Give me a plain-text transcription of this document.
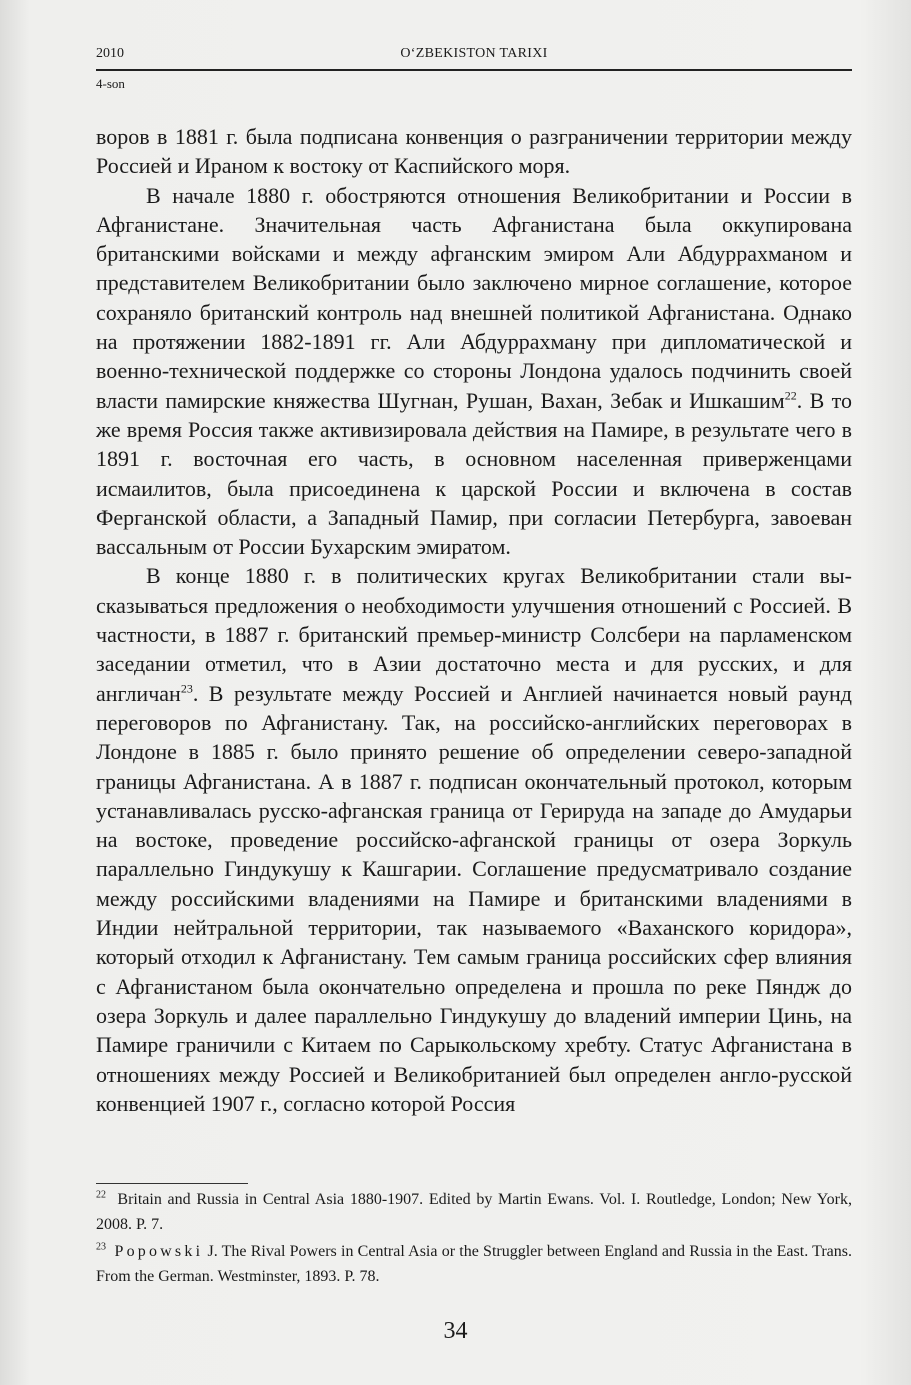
2010	O‘ZBEKISTON TARIXI
4-son

воров в 1881 г. была подписана конвенция о разграничении территории между Россией и Ираном к востоку от Каспийского моря.

В начале 1880 г. обостряются отношения Великобритании и России в Афганистане. Значительная часть Афганистана была оккупирована британскими войсками и между афганским эмиром Али Абдуррахманом и представителем Великобритании было заключено мирное соглашение, которое сохраняло британский контроль над внешней политикой Афганистана. Однако на протяжении 1882-1891 гг. Али Абдуррахману при дипломатической и военно-технической поддержке со стороны Лондона удалось подчинить своей власти памирские княжества Шугнан, Рушан, Вахан, Зебак и Ишкашим$^{22}$. В то же время Россия также активизировала действия на Памире, в результате чего в 1891 г. восточная его часть, в основном населенная приверженцами исмаилитов, была присоединена к царской России и включена в состав Ферганской области, а Западный Памир, при согласии Петербурга, завоеван вассальным от России Бухарским эмиратом.

В конце 1880 г. в политических кругах Великобритании стали высказываться предложения о необходимости улучшения отношений с Россией. В частности, в 1887 г. британский премьер-министр Солсбери на парламенском заседании отметил, что в Азии достаточно места и для русских, и для англичан$^{23}$. В результате между Россией и Англией начинается новый раунд переговоров по Афганистану. Так, на российско-английских переговорах в Лондоне в 1885 г. было принято решение об определении северо-западной границы Афганистана. А в 1887 г. подписан окончательный протокол, которым устанавливалась русско-афганская граница от Герируда на западе до Амударьи на востоке, проведение российско-афганской границы от озера Зоркуль параллельно Гиндукушу к Кашгарии. Соглашение предусматривало создание между российскими владениями на Памире и британскими владениями в Индии нейтральной территории, так называемого «Ваханского коридора», который отходил к Афганистану. Тем самым граница российских сфер влияния с Афганистаном была окончательно определена и прошла по реке Пяндж до озера Зоркуль и далее параллельно Гиндукушу до владений империи Цинь, на Памире граничили с Китаем по Сарыкольскому хребту. Статус Афганистана в отношениях между Россией и Великобританией был определен англо-русской конвенцией 1907 г., согласно которой Россия

$^{22}$ Britain and Russia in Central Asia 1880-1907. Edited by Martin Ewans. Vol. I. Routledge, London; New York, 2008. P. 7.

$^{23}$ Popowski J. The Rival Powers in Central Asia or the Struggler between England and Russia in the East. Trans. From the German. Westminster, 1893. P. 78.

34
